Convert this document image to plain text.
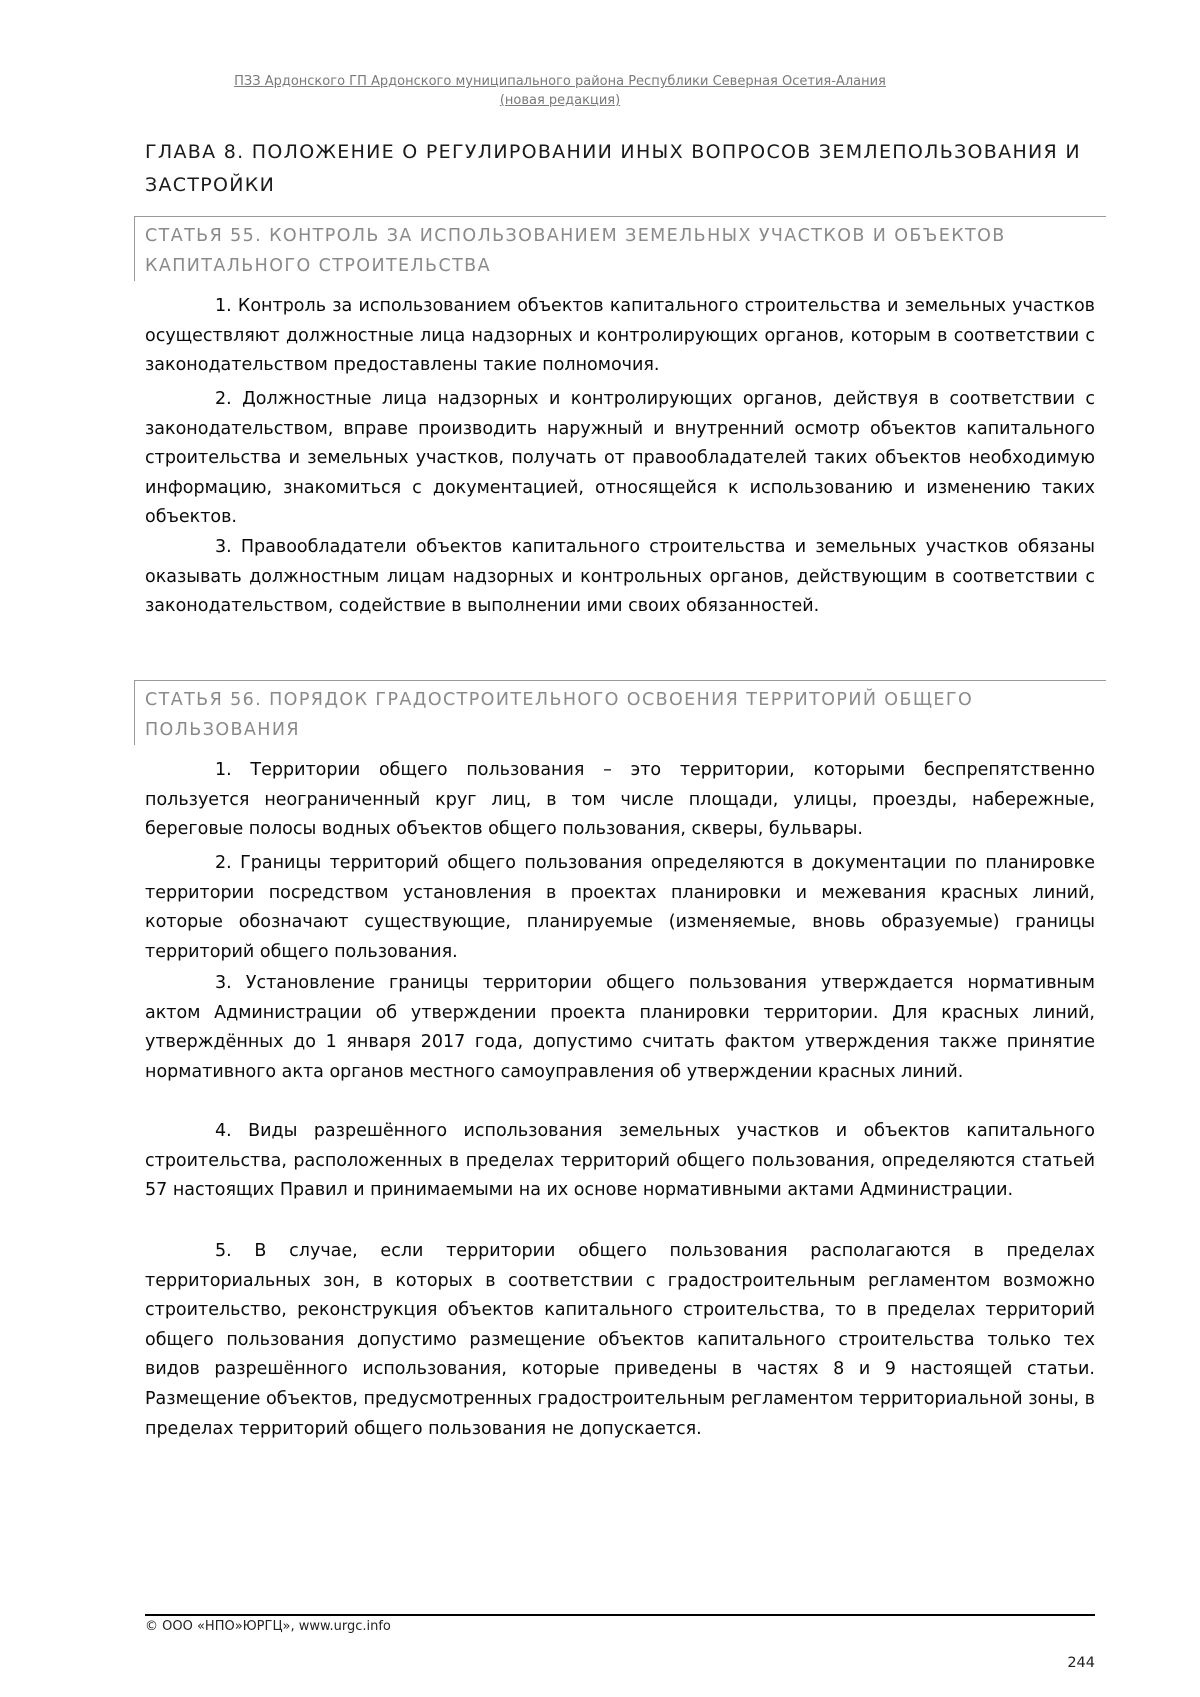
ПЗЗ Ардонского ГП Ардонского муниципального района Республики Северная Осетия-Алания
(новая редакция)
ГЛАВА 8. ПОЛОЖЕНИЕ О РЕГУЛИРОВАНИИ ИНЫХ ВОПРОСОВ ЗЕМЛЕПОЛЬЗОВАНИЯ И ЗАСТРОЙКИ
СТАТЬЯ 55. КОНТРОЛЬ ЗА ИСПОЛЬЗОВАНИЕМ ЗЕМЕЛЬНЫХ УЧАСТКОВ И ОБЪЕКТОВ КАПИТАЛЬНОГО СТРОИТЕЛЬСТВА

1. Контроль за использованием объектов капитального строительства и земельных участков осуществляют должностные лица надзорных и контролирующих органов, которым в соответствии с законодательством предоставлены такие полномочия.

2. Должностные лица надзорных и контролирующих органов, действуя в соответствии с законодательством, вправе производить наружный и внутренний осмотр объектов капитального строительства и земельных участков, получать от правообладателей таких объектов необходимую информацию, знакомиться с документацией, относящейся к использованию и изменению таких объектов.

3. Правообладатели объектов капитального строительства и земельных участков обязаны оказывать должностным лицам надзорных и контрольных органов, действующим в соответствии с законодательством, содействие в выполнении ими своих обязанностей.

СТАТЬЯ 56. ПОРЯДОК ГРАДОСТРОИТЕЛЬНОГО ОСВОЕНИЯ ТЕРРИТОРИЙ ОБЩЕГО ПОЛЬЗОВАНИЯ

1. Территории общего пользования – это территории, которыми беспрепятственно пользуется неограниченный круг лиц, в том числе площади, улицы, проезды, набережные, береговые полосы водных объектов общего пользования, скверы, бульвары.

2. Границы территорий общего пользования определяются в документации по планировке территории посредством установления в проектах планировки и межевания красных линий, которые обозначают существующие, планируемые (изменяемые, вновь образуемые) границы территорий общего пользования.

3. Установление границы территории общего пользования утверждается нормативным актом Администрации об утверждении проекта планировки территории. Для красных линий, утверждённых до 1 января 2017 года, допустимо считать фактом утверждения также принятие нормативного акта органов местного самоуправления об утверждении красных линий.

4. Виды разрешённого использования земельных участков и объектов капитального строительства, расположенных в пределах территорий общего пользования, определяются статьей 57 настоящих Правил и принимаемыми на их основе нормативными актами Администрации.

5. В случае, если территории общего пользования располагаются в пределах территориальных зон, в которых в соответствии с градостроительным регламентом возможно строительство, реконструкция объектов капитального строительства, то в пределах территорий общего пользования допустимо размещение объектов капитального строительства только тех видов разрешённого использования, которые приведены в частях 8 и 9 настоящей статьи. Размещение объектов, предусмотренных градостроительным регламентом территориальной зоны, в пределах территорий общего пользования не допускается.

© ООО «НПО»ЮРГЦ», www.urgc.info
244
